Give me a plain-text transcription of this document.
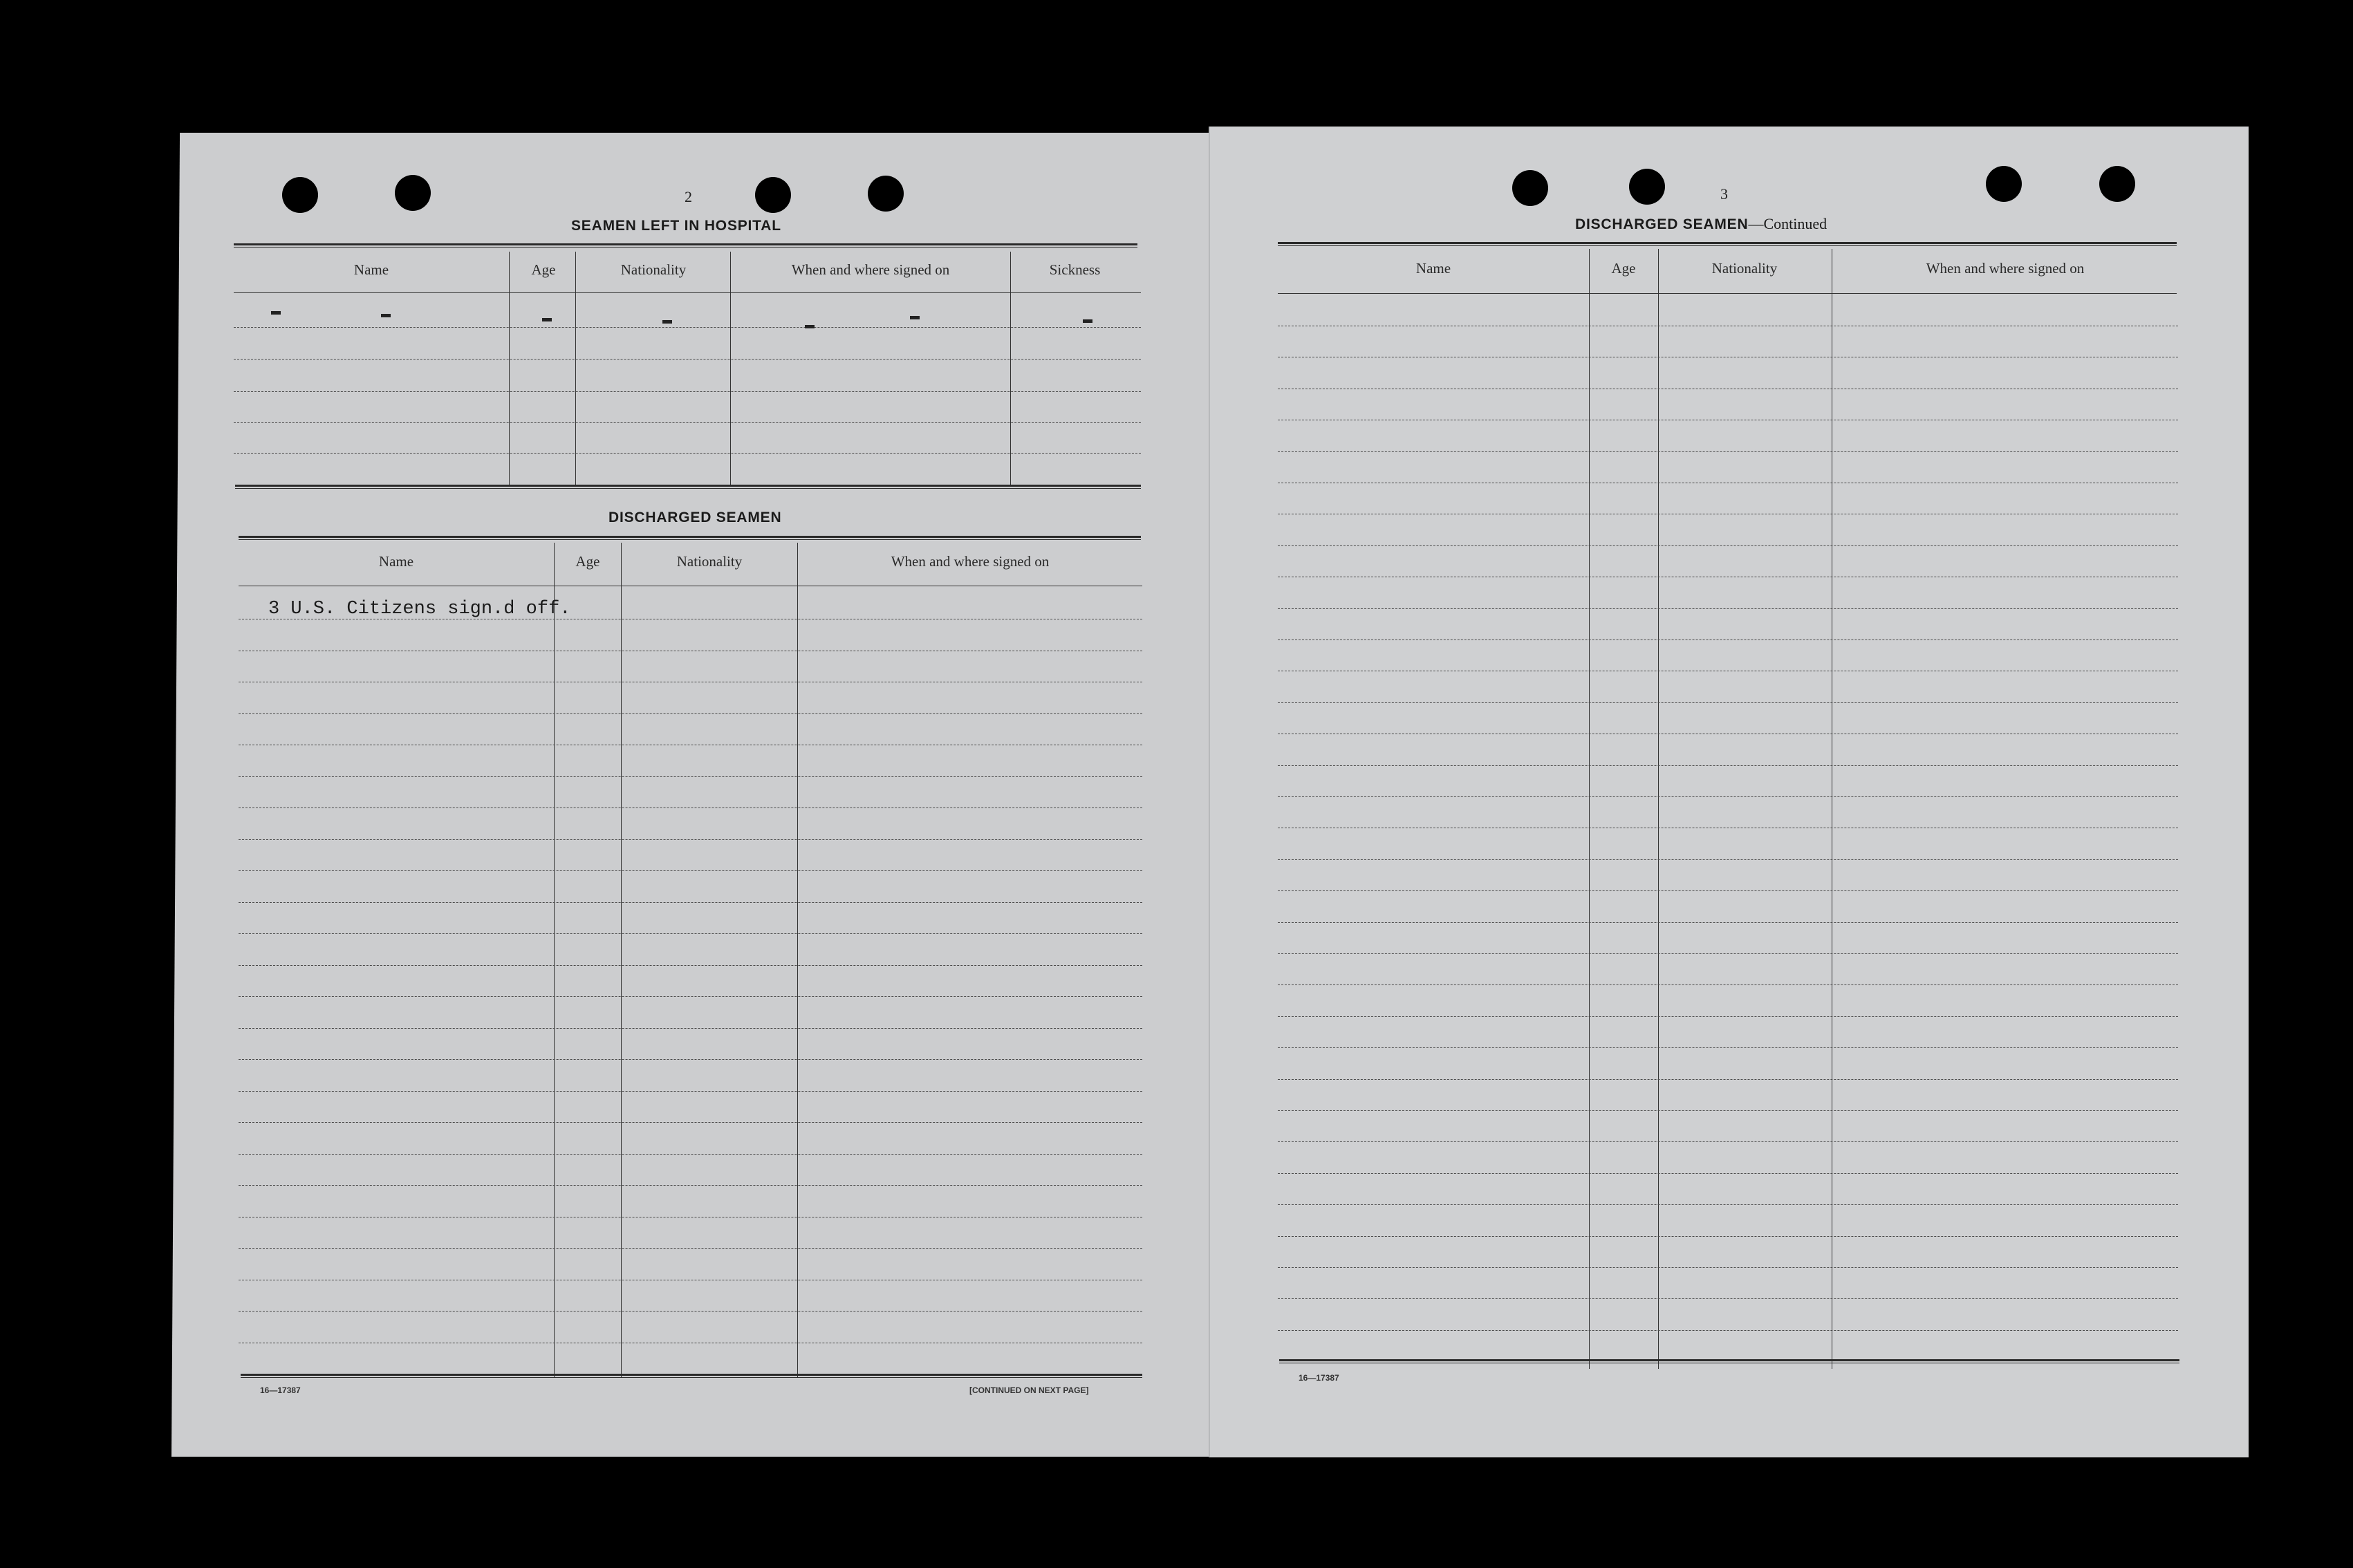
2
SEAMEN LEFT IN HOSPITAL
Name	Age	Nationality	When and where signed on	Sickness
DISCHARGED SEAMEN
Name	Age	Nationality	When and where signed on
3 U.S. Citizens sign.d off.
16—17387	[CONTINUED ON NEXT PAGE]
3
DISCHARGED SEAMEN—Continued
Name	Age	Nationality	When and where signed on
16—17387
